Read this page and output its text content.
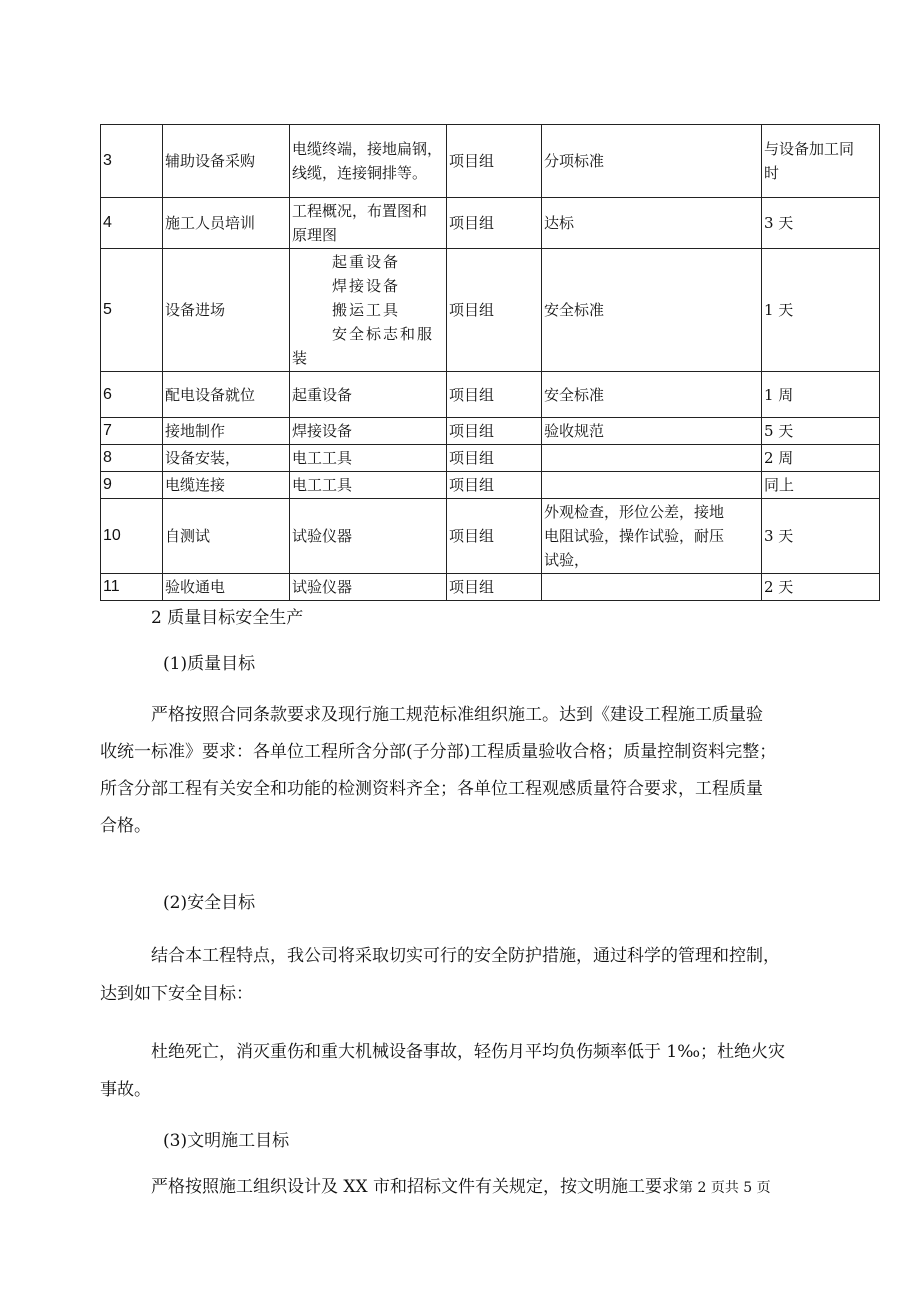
3	辅助设备采购	电缆终端，接地扁钢，
线缆，连接铜排等。	项目组	分项标准	与设备加工同
时

4	施工人员培训	工程概况，布置图和
原理图	项目组	达标	3 天
5	设备进场	起重设备
焊接设备
搬运工具
安全标志和服
装	项目组	安全标准	1 天
6	配电设备就位	起重设备	项目组	安全标准	1 周
7	接地制作	焊接设备	项目组	验收规范	5 天
8	设备安装，	电工工具	项目组		2 周
9	电缆连接	电工工具	项目组		同上
10	自测试	试验仪器	项目组	外观检查，形位公差，接地
电阻试验，操作试验，耐压
试验，	3 天
11	验收通电	试验仪器	项目组		2 天

2 质量目标安全生产

(1)质量目标

严格按照合同条款要求及现行施工规范标准组织施工。达到《建设工程施工质量验
收统一标准》要求：各单位工程所含分部(子分部)工程质量验收合格；质量控制资料完整；
所含分部工程有关安全和功能的检测资料齐全；各单位工程观感质量符合要求，工程质量
合格。

(2)安全目标

结合本工程特点，我公司将采取切实可行的安全防护措施，通过科学的管理和控制，
达到如下安全目标：
杜绝死亡，消灭重伤和重大机械设备事故，轻伤月平均负伤频率低于 1‰；杜绝火灾
事故。

(3)文明施工目标

严格按照施工组织设计及 XX 市和招标文件有关规定，按文明施工要求第 2 页共 5 页
